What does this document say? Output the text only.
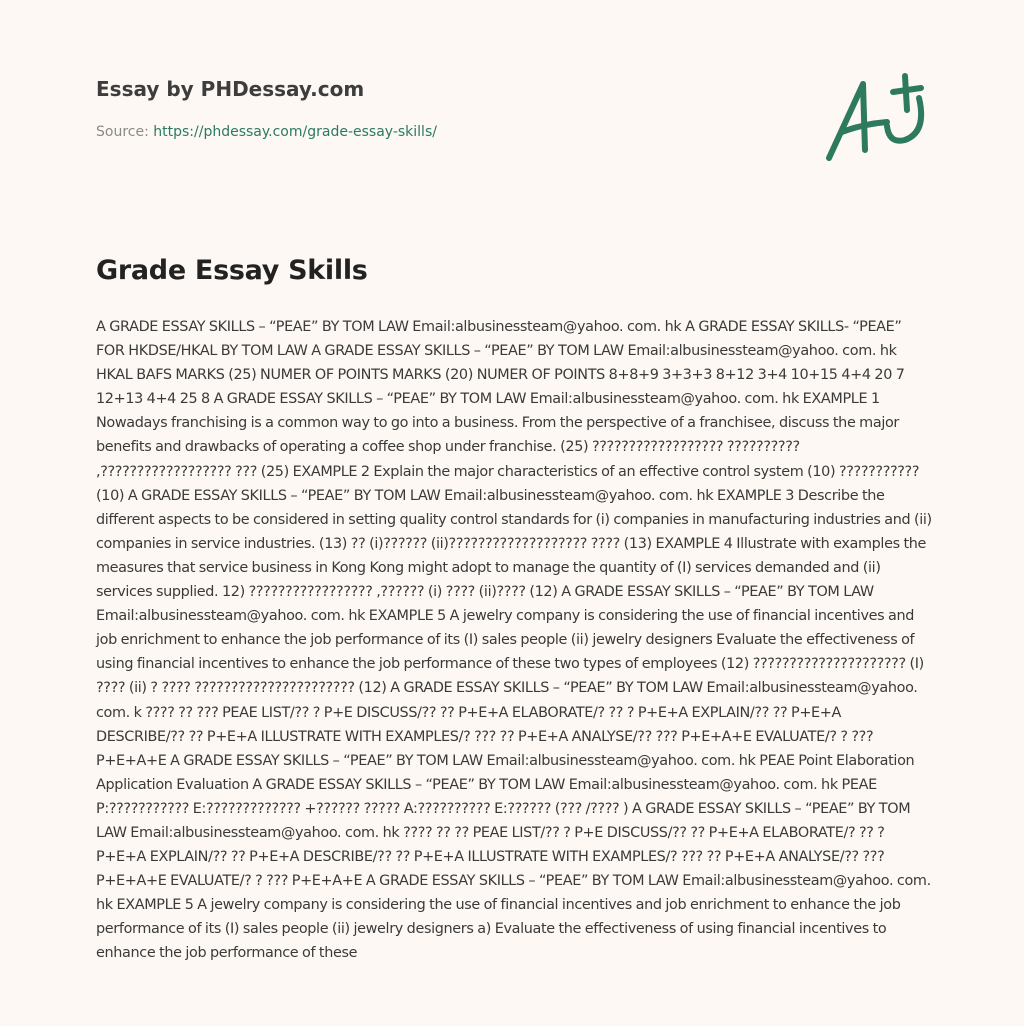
Essay by PHDessay.com
Source: https://phdessay.com/grade-essay-skills/
Grade Essay Skills

A GRADE ESSAY SKILLS – “PEAE” BY TOM LAW Email:albusinessteam@yahoo. com. hk A GRADE ESSAY SKILLS- “PEAE” FOR HKDSE/HKAL BY TOM LAW A GRADE ESSAY SKILLS – “PEAE” BY TOM LAW Email:albusinessteam@yahoo. com. hk HKAL BAFS MARKS (25) NUMER OF POINTS MARKS (20) NUMER OF POINTS 8+8+9 3+3+3 8+12 3+4 10+15 4+4 20 7 12+13 4+4 25 8 A GRADE ESSAY SKILLS – “PEAE” BY TOM LAW Email:albusinessteam@yahoo. com. hk EXAMPLE 1 Nowadays franchising is a common way to go into a business. From the perspective of a franchisee, discuss the major benefits and drawbacks of operating a coffee shop under franchise. (25) ?????????????????? ?????????? ,?????????????????? ??? (25) EXAMPLE 2 Explain the major characteristics of an effective control system (10) ??????????? (10) A GRADE ESSAY SKILLS – “PEAE” BY TOM LAW Email:albusinessteam@yahoo. com. hk EXAMPLE 3 Describe the different aspects to be considered in setting quality control standards for (i) companies in manufacturing industries and (ii) companies in service industries. (13) ?? (i)?????? (ii)??????????????????? ???? (13) EXAMPLE 4 Illustrate with examples the measures that service business in Kong Kong might adopt to manage the quantity of (I) services demanded and (ii) services supplied. 12) ????????????????? ,?????? (i) ???? (ii)???? (12) A GRADE ESSAY SKILLS – “PEAE” BY TOM LAW Email:albusinessteam@yahoo. com. hk EXAMPLE 5 A jewelry company is considering the use of financial incentives and job enrichment to enhance the job performance of its (I) sales people (ii) jewelry designers Evaluate the effectiveness of using financial incentives to enhance the job performance of these two types of employees (12) ????????????????????? (I) ???? (ii) ? ???? ?????????????????????? (12) A GRADE ESSAY SKILLS – “PEAE” BY TOM LAW Email:albusinessteam@yahoo. com. k ???? ?? ??? PEAE LIST/?? ? P+E DISCUSS/?? ?? P+E+A ELABORATE/? ?? ? P+E+A EXPLAIN/?? ?? P+E+A DESCRIBE/?? ?? P+E+A ILLUSTRATE WITH EXAMPLES/? ??? ?? P+E+A ANALYSE/?? ??? P+E+A+E EVALUATE/? ? ??? P+E+A+E A GRADE ESSAY SKILLS – “PEAE” BY TOM LAW Email:albusinessteam@yahoo. com. hk PEAE Point Elaboration Application Evaluation A GRADE ESSAY SKILLS – “PEAE” BY TOM LAW Email:albusinessteam@yahoo. com. hk PEAE P:??????????? E:????????????? +?????? ????? A:?????????? E:?????? (??? /???? ) A GRADE ESSAY SKILLS – “PEAE” BY TOM LAW Email:albusinessteam@yahoo. com. hk ???? ?? ?? PEAE LIST/?? ? P+E DISCUSS/?? ?? P+E+A ELABORATE/? ?? ? P+E+A EXPLAIN/?? ?? P+E+A DESCRIBE/?? ?? P+E+A ILLUSTRATE WITH EXAMPLES/? ??? ?? P+E+A ANALYSE/?? ??? P+E+A+E EVALUATE/? ? ??? P+E+A+E A GRADE ESSAY SKILLS – “PEAE” BY TOM LAW Email:albusinessteam@yahoo. com. hk EXAMPLE 5 A jewelry company is considering the use of financial incentives and job enrichment to enhance the job performance of its (I) sales people (ii) jewelry designers a) Evaluate the effectiveness of using financial incentives to enhance the job performance of these
